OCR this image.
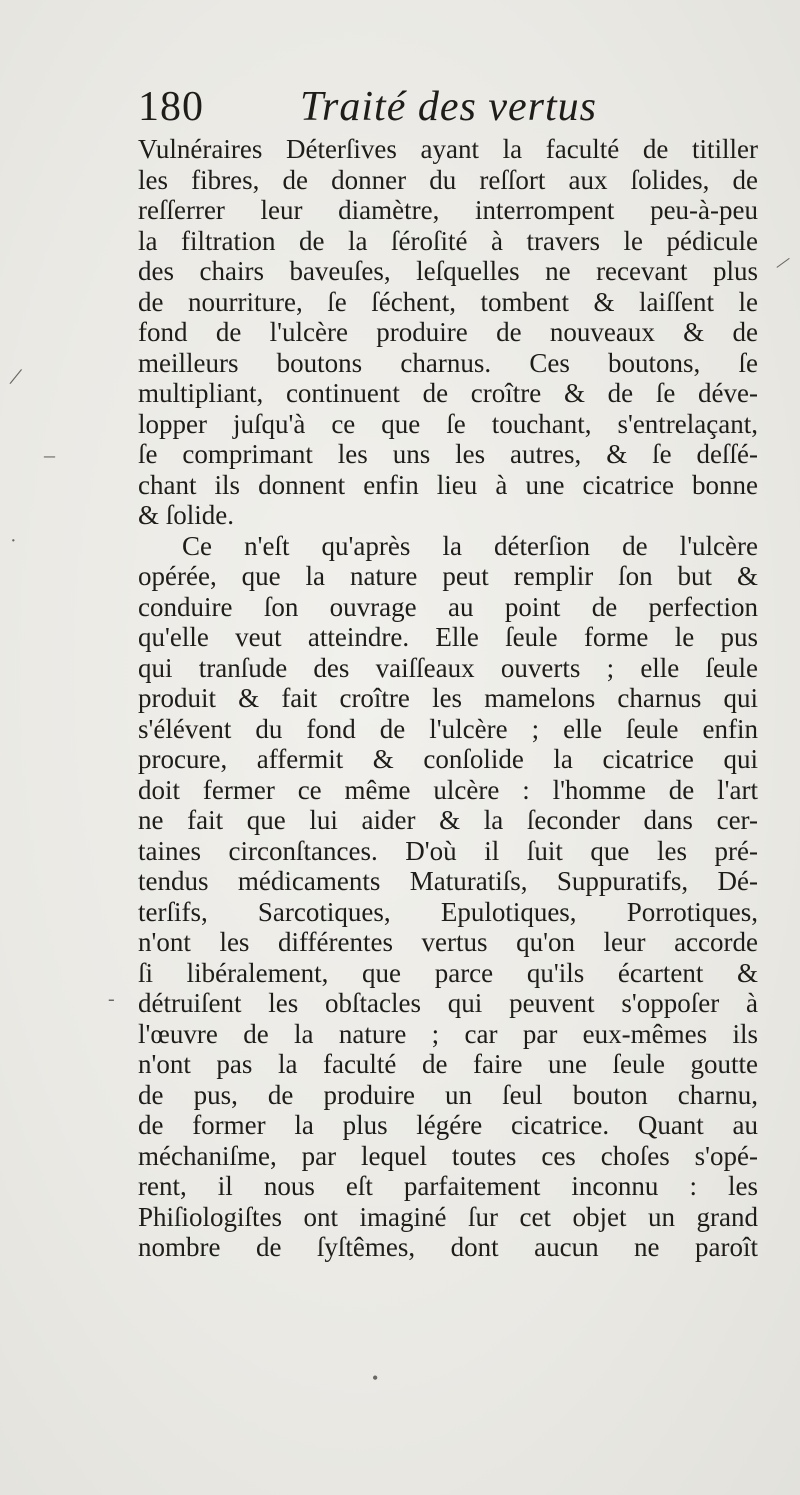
/
–
·
-
•
/
180 Traité des vertus
Vulnéraires Déterſives ayant la faculté de titiller
les fibres, de donner du reſſort aux ſolides, de
reſſerrer leur diamètre, interrompent peu-à-peu
la filtration de la ſéroſité à travers le pédicule
des chairs baveuſes, leſquelles ne recevant plus
de nourriture, ſe ſéchent, tombent & laiſſent le
fond de l'ulcère produire de nouveaux & de
meilleurs boutons charnus. Ces boutons, ſe
multipliant, continuent de croître & de ſe déve-
lopper juſqu'à ce que ſe touchant, s'entrelaçant,
ſe comprimant les uns les autres, & ſe deſſé-
chant ils donnent enfin lieu à une cicatrice bonne
& ſolide.
Ce n'eſt qu'après la déterſion de l'ulcère
opérée, que la nature peut remplir ſon but &
conduire ſon ouvrage au point de perfection
qu'elle veut atteindre. Elle ſeule forme le pus
qui tranſude des vaiſſeaux ouverts ; elle ſeule
produit & fait croître les mamelons charnus qui
s'élévent du fond de l'ulcère ; elle ſeule enfin
procure, affermit & conſolide la cicatrice qui
doit fermer ce même ulcère : l'homme de l'art
ne fait que lui aider & la ſeconder dans cer-
taines circonſtances. D'où il ſuit que les pré-
tendus médicaments Maturatiſs, Suppuratifs, Dé-
terſifs, Sarcotiques, Epulotiques, Porrotiques,
n'ont les différentes vertus qu'on leur accorde
ſi libéralement, que parce qu'ils écartent &
détruiſent les obſtacles qui peuvent s'oppoſer à
l'œuvre de la nature ; car par eux-mêmes ils
n'ont pas la faculté de faire une ſeule goutte
de pus, de produire un ſeul bouton charnu,
de former la plus légére cicatrice. Quant au
méchaniſme, par lequel toutes ces choſes s'opé-
rent, il nous eſt parfaitement inconnu : les
Phiſiologiſtes ont imaginé ſur cet objet un grand
nombre de ſyſtêmes, dont aucun ne paroît
